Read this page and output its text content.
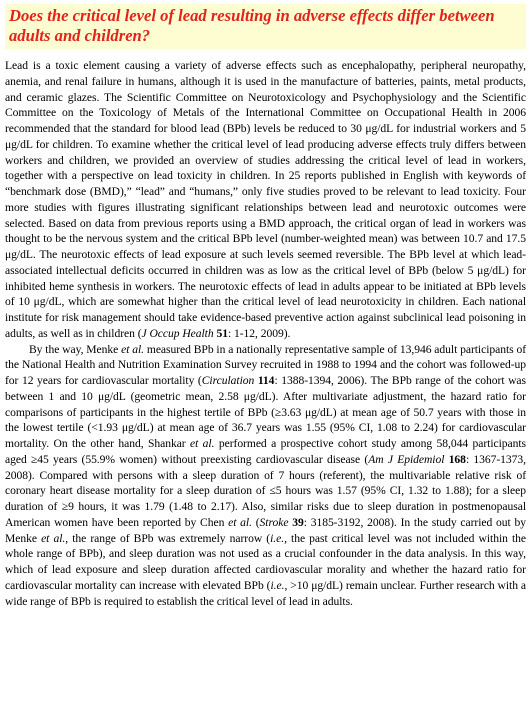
Does the critical level of lead resulting in adverse effects differ between adults and children?

Lead is a toxic element causing a variety of adverse effects such as encephalopathy, peripheral neuropathy, anemia, and renal failure in humans, although it is used in the manufacture of batteries, paints, metal products, and ceramic glazes. The Scientific Committee on Neurotoxicology and Psychophysiology and the Scientific Committee on the Toxicology of Metals of the International Committee on Occupational Health in 2006 recommended that the standard for blood lead (BPb) levels be reduced to 30 μg/dL for industrial workers and 5 μg/dL for children. To examine whether the critical level of lead producing adverse effects truly differs between workers and children, we provided an overview of studies addressing the critical level of lead in workers, together with a perspective on lead toxicity in children. In 25 reports published in English with keywords of “benchmark dose (BMD),” “lead” and “humans,” only five studies proved to be relevant to lead toxicity. Four more studies with figures illustrating significant relationships between lead and neurotoxic outcomes were selected. Based on data from previous reports using a BMD approach, the critical organ of lead in workers was thought to be the nervous system and the critical BPb level (number-weighted mean) was between 10.7 and 17.5 μg/dL. The neurotoxic effects of lead exposure at such levels seemed reversible. The BPb level at which lead-associated intellectual deficits occurred in children was as low as the critical level of BPb (below 5 μg/dL) for inhibited heme synthesis in workers. The neurotoxic effects of lead in adults appear to be initiated at BPb levels of 10 μg/dL, which are somewhat higher than the critical level of lead neurotoxicity in children. Each national institute for risk management should take evidence-based preventive action against subclinical lead poisoning in adults, as well as in children (J Occup Health 51: 1-12, 2009).

By the way, Menke et al. measured BPb in a nationally representative sample of 13,946 adult participants of the National Health and Nutrition Examination Survey recruited in 1988 to 1994 and the cohort was followed-up for 12 years for cardiovascular mortality (Circulation 114: 1388-1394, 2006). The BPb range of the cohort was between 1 and 10 μg/dL (geometric mean, 2.58 μg/dL). After multivariate adjustment, the hazard ratio for comparisons of participants in the highest tertile of BPb (≥3.63 μg/dL) at mean age of 50.7 years with those in the lowest tertile (<1.93 μg/dL) at mean age of 36.7 years was 1.55 (95% CI, 1.08 to 2.24) for cardiovascular mortality. On the other hand, Shankar et al. performed a prospective cohort study among 58,044 participants aged ≥45 years (55.9% women) without preexisting cardiovascular disease (Am J Epidemiol 168: 1367-1373, 2008). Compared with persons with a sleep duration of 7 hours (referent), the multivariable relative risk of coronary heart disease mortality for a sleep duration of ≤5 hours was 1.57 (95% CI, 1.32 to 1.88); for a sleep duration of ≥9 hours, it was 1.79 (1.48 to 2.17). Also, similar risks due to sleep duration in postmenopausal American women have been reported by Chen et al. (Stroke 39: 3185-3192, 2008). In the study carried out by Menke et al., the range of BPb was extremely narrow (i.e., the past critical level was not included within the whole range of BPb), and sleep duration was not used as a crucial confounder in the data analysis. In this way, which of lead exposure and sleep duration affected cardiovascular morality and whether the hazard ratio for cardiovascular mortality can increase with elevated BPb (i.e., >10 μg/dL) remain unclear. Further research with a wide range of BPb is required to establish the critical level of lead in adults.
